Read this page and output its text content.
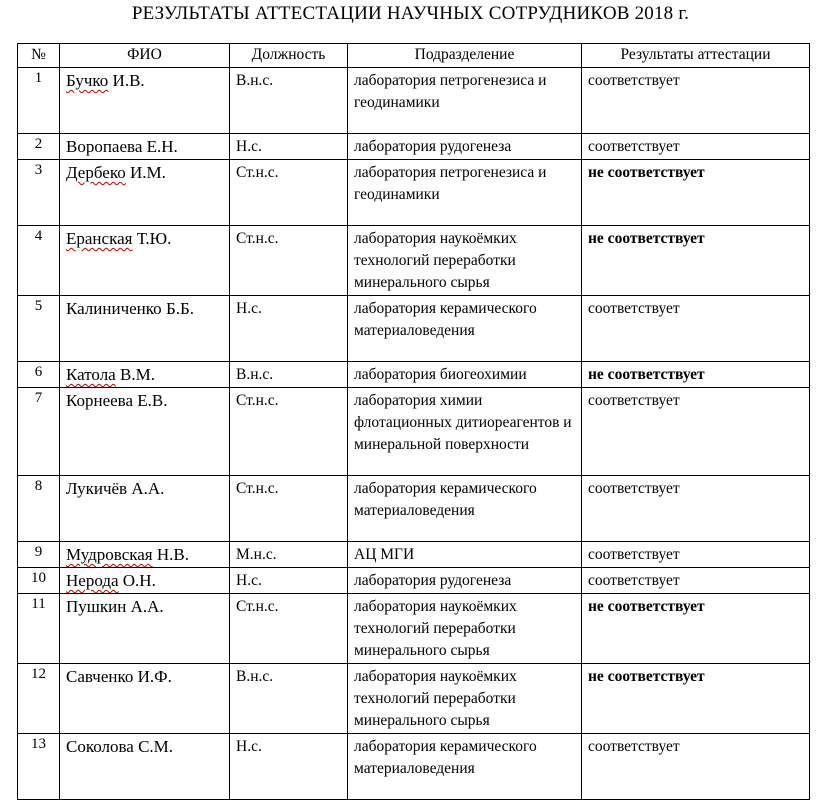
РЕЗУЛЬТАТЫ АТТЕСТАЦИИ НАУЧНЫХ СОТРУДНИКОВ 2018 г.
№	ФИО	Должность	Подразделение	Результаты аттестации
1	Бучко И.В.	В.н.с.	лаборатория петрогенезиса и геодинамики	соответствует
2	Воропаева Е.Н.	Н.с.	лаборатория рудогенеза	соответствует
3	Дербеко И.М.	Ст.н.с.	лаборатория петрогенезиса и геодинамики	не соответствует
4	Еранская Т.Ю.	Ст.н.с.	лаборатория наукоёмких технологий переработки минерального сырья	не соответствует
5	Калиниченко Б.Б.	Н.с.	лаборатория керамического материаловедения	соответствует
6	Катола В.М.	В.н.с.	лаборатория биогеохимии	не соответствует
7	Корнеева Е.В.	Ст.н.с.	лаборатория химии флотационных дитиореагентов и минеральной поверхности	соответствует
8	Лукичёв А.А.	Ст.н.с.	лаборатория керамического материаловедения	соответствует
9	Мудровская Н.В.	М.н.с.	АЦ МГИ	соответствует
10	Нерода О.Н.	Н.с.	лаборатория рудогенеза	соответствует
11	Пушкин А.А.	Ст.н.с.	лаборатория наукоёмких технологий переработки минерального сырья	не соответствует
12	Савченко И.Ф.	В.н.с.	лаборатория наукоёмких технологий переработки минерального сырья	не соответствует
13	Соколова С.М.	Н.с.	лаборатория керамического материаловедения	соответствует
